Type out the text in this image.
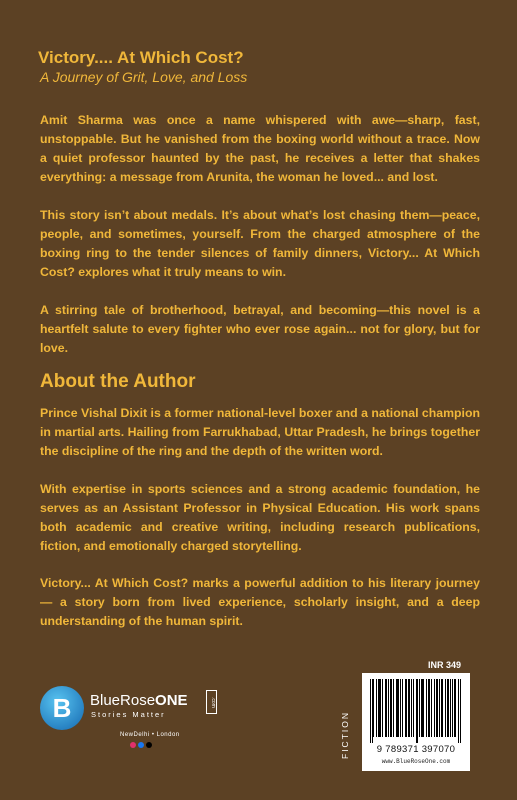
Victory.... At Which Cost?
A Journey of Grit, Love, and Loss

Amit Sharma was once a name whispered with awe—sharp, fast, unstoppable. But he vanished from the boxing world without a trace. Now a quiet professor haunted by the past, he receives a letter that shakes everything: a message from Arunita, the woman he loved... and lost.

This story isn’t about medals. It’s about what’s lost chasing them—peace, people, and sometimes, yourself. From the charged atmosphere of the boxing ring to the tender silences of family dinners, Victory... At Which Cost? explores what it truly means to win.

A stirring tale of brotherhood, betrayal, and becoming—this novel is a heartfelt salute to every fighter who ever rose again... not for glory, but for love.

About the Author

Prince Vishal Dixit is a former national-level boxer and a national champion in martial arts. Hailing from Farrukhabad, Uttar Pradesh, he brings together the discipline of the ring and the depth of the written word.

With expertise in sports sciences and a strong academic foundation, he serves as an Assistant Professor in Physical Education. His work spans both academic and creative writing, including research publications, fiction, and emotionally charged storytelling.

Victory... At Which Cost? marks a powerful addition to his literary journey — a story born from lived experience, scholarly insight, and a deep understanding of the human spirit.

B BlueRoseONE	.com
Stories Matter
NewDelhi • London
INR 349
FICTION	9 789371 397070
www.BlueRoseOne.com
